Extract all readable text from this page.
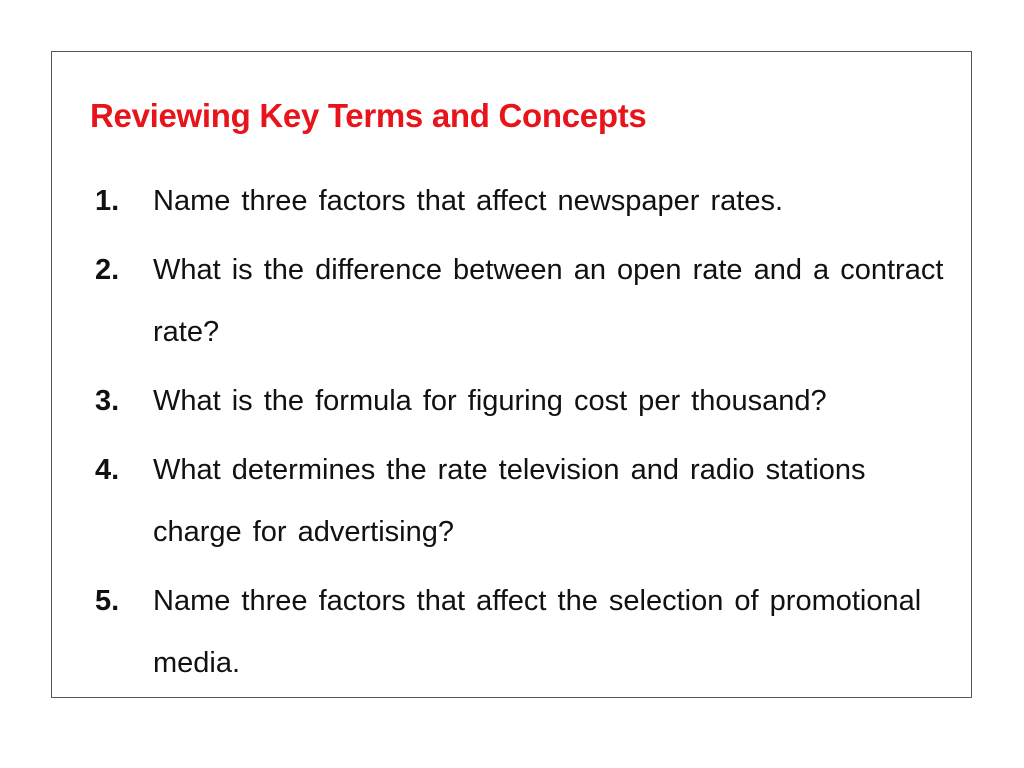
Reviewing Key Terms and Concepts
1.	Name three factors that affect newspaper rates.
2.	What is the difference between an open rate and a contract rate?
3.	What is the formula for figuring cost per thousand?
4.	What determines the rate television and radio stations charge for advertising?
5.	Name three factors that affect the selection of promotional media.
